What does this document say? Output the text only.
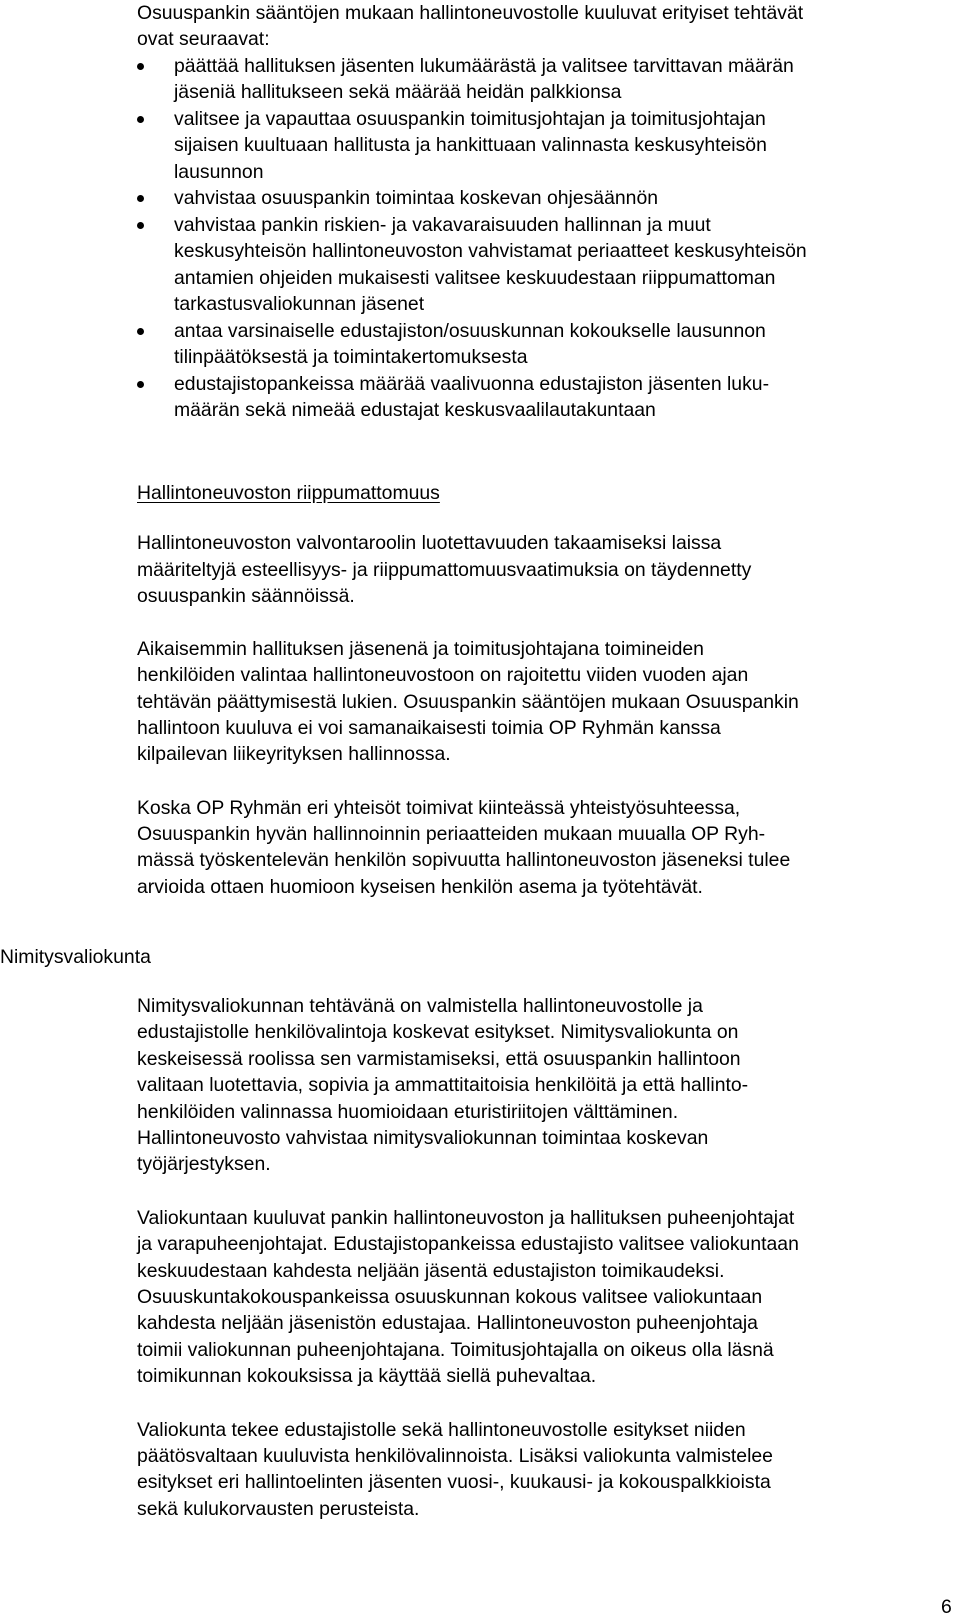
Osuuspankin sääntöjen mukaan hallintoneuvostolle kuuluvat erityiset tehtävät
ovat seuraavat:
päättää hallituksen jäsenten lukumäärästä ja valitsee tarvittavan määrän
jäseniä hallitukseen sekä määrää heidän palkkionsa
valitsee ja vapauttaa osuuspankin toimitusjohtajan ja toimitusjohtajan
sijaisen kuultuaan hallitusta ja hankittuaan valinnasta keskusyhteisön
lausunnon
vahvistaa osuuspankin toimintaa koskevan ohjesäännön
vahvistaa pankin riskien- ja vakavaraisuuden hallinnan ja muut
keskusyhteisön hallintoneuvoston vahvistamat periaatteet keskusyhteisön
antamien ohjeiden mukaisesti valitsee keskuudestaan riippumattoman
tarkastusvaliokunnan jäsenet
antaa varsinaiselle edustajiston/osuuskunnan kokoukselle lausunnon
tilinpäätöksestä ja toimintakertomuksesta
edustajistopankeissa määrää vaalivuonna edustajiston jäsenten luku-
määrän sekä nimeää edustajat keskusvaalilautakuntaan
Hallintoneuvoston riippumattomuus
Hallintoneuvoston valvontaroolin luotettavuuden takaamiseksi laissa
määriteltyjä esteellisyys- ja riippumattomuusvaatimuksia on täydennetty
osuuspankin säännöissä.
Aikaisemmin hallituksen jäsenenä ja toimitusjohtajana toimineiden
henkilöiden valintaa hallintoneuvostoon on rajoitettu viiden vuoden ajan
tehtävän päättymisestä lukien. Osuuspankin sääntöjen mukaan Osuuspankin
hallintoon kuuluva ei voi samanaikaisesti toimia OP Ryhmän kanssa
kilpailevan liikeyrityksen hallinnossa.
Koska OP Ryhmän eri yhteisöt toimivat kiinteässä yhteistyösuhteessa,
Osuuspankin hyvän hallinnoinnin periaatteiden mukaan muualla OP Ryh-
mässä työskentelevän henkilön sopivuutta hallintoneuvoston jäseneksi tulee
arvioida ottaen huomioon kyseisen henkilön asema ja työtehtävät.
Nimitysvaliokunta
Nimitysvaliokunnan tehtävänä on valmistella hallintoneuvostolle ja
edustajistolle henkilövalintoja koskevat esitykset. Nimitysvaliokunta on
keskeisessä roolissa sen varmistamiseksi, että osuuspankin hallintoon
valitaan luotettavia, sopivia ja ammattitaitoisia henkilöitä ja että hallinto-
henkilöiden valinnassa huomioidaan eturistiriitojen välttäminen.
Hallintoneuvosto vahvistaa nimitysvaliokunnan toimintaa koskevan
työjärjestyksen.
Valiokuntaan kuuluvat pankin hallintoneuvoston ja hallituksen puheenjohtajat
ja varapuheenjohtajat. Edustajistopankeissa edustajisto valitsee valiokuntaan
keskuudestaan kahdesta neljään jäsentä edustajiston toimikaudeksi.
Osuuskuntakokouspankeissa osuuskunnan kokous valitsee valiokuntaan
kahdesta neljään jäsenistön edustajaa. Hallintoneuvoston puheenjohtaja
toimii valiokunnan puheenjohtajana. Toimitusjohtajalla on oikeus olla läsnä
toimikunnan kokouksissa ja käyttää siellä puhevaltaa.
Valiokunta tekee edustajistolle sekä hallintoneuvostolle esitykset niiden
päätösvaltaan kuuluvista henkilövalinnoista. Lisäksi valiokunta valmistelee
esitykset eri hallintoelinten jäsenten vuosi-, kuukausi- ja kokouspalkkioista
sekä kulukorvausten perusteista.
6
